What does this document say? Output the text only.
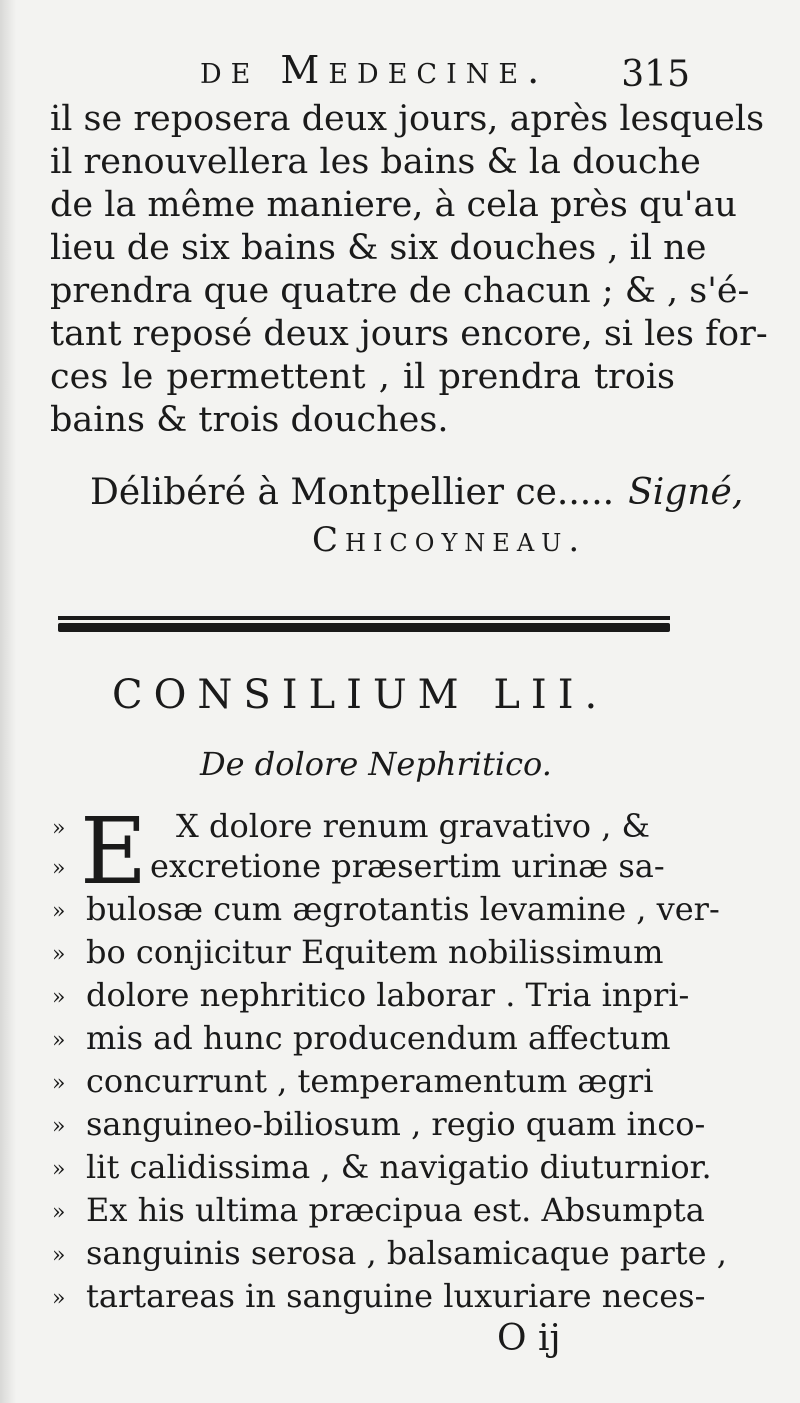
de Medecine. 315
il se reposera deux jours, après lesquels
il renouvellera les bains & la douche
de la même maniere, à cela près qu'au
lieu de six bains & six douches , il ne
prendra que quatre de chacun ; & , s'é-
tant reposé deux jours encore, si les for-
ces le permettent , il prendra trois
bains & trois douches.
Délibéré à Montpellier ce..... Signé,
Chicoyneau.
CONSILIUM LII.
De dolore Nephritico.
E
»	X dolore renum gravativo , &
»	excretione præsertim urinæ sa-
» bulosæ cum ægrotantis levamine , ver-
» bo conjicitur Equitem nobilissimum
» dolore nephritico laborar . Tria inpri-
» mis ad hunc producendum affectum
» concurrunt , temperamentum ægri
» sanguineo-biliosum , regio quam inco-
» lit calidissima , & navigatio diuturnior.
» Ex his ultima præcipua est. Absumpta
» sanguinis serosa , balsamicaque parte ,
» tartareas in sanguine luxuriare neces-
O ij
